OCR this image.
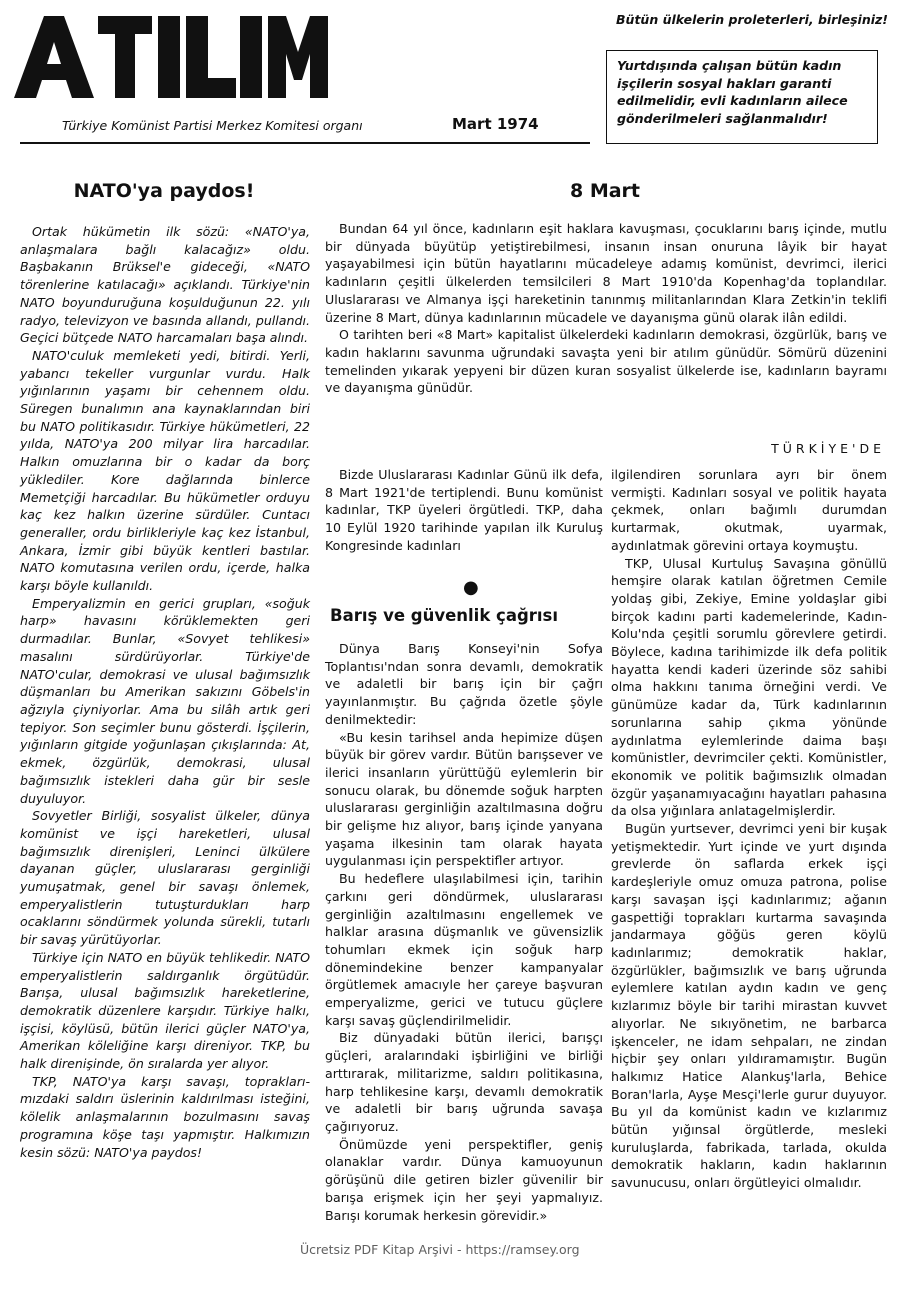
ATILIM	Bütün ülkelerin proleterleri, birleşiniz!
Yurtdışında çalışan bütün kadın işçilerin sosyal hakları garanti edilmelidir, evli kadınların ailece gönderilmeleri sağlanmalıdır!
Türkiye Komünist Partisi Merkez Komitesi organı	Mart 1974
NATO'ya paydos!

Ortak hükümetin ilk sözü: «NATO'ya, anlaşmalara bağlı kalacağız» oldu. Başbakanın Brüksel'e gideceği, «NATO törenlerine katılacağı» açıklandı. Türkiye'nin NATO boyunduruğuna koşulduğunun 22. yılı radyo, televizyon ve basında allandı, pullandı. Geçici bütçede NATO harcamaları başa alındı.

NATO'culuk memleketi yedi, bitirdi. Yerli, yabancı tekeller vurgunlar vurdu. Halk yığınlarının yaşamı bir cehennem oldu. Süregen bunalımın ana kaynaklarından biri bu NATO politikasıdır. Türkiye hükümetleri, 22 yılda, NATO'ya 200 milyar lira harcadılar. Halkın omuzlarına bir o kadar da borç yüklediler. Kore dağlarında binlerce Memetçiği harcadılar. Bu hükümetler orduyu kaç kez halkın üzerine sürdüler. Cuntacı generaller, ordu birlikleriyle kaç kez İstanbul, Ankara, İzmir gibi büyük kentleri bastılar. NATO komutasına verilen ordu, içerde, halka karşı böyle kullanıldı.

Emperyalizmin en gerici grupları, «soğuk harp» havasını körüklemekten geri durmadılar. Bunlar, «Sovyet tehlikesi» masalını sürdürüyorlar. Türkiye'de NATO'cular, demokrasi ve ulusal bağımsızlık düşmanları bu Amerikan sakızını Göbels'in ağzıyla çiyniyorlar. Ama bu silâh artık geri tepiyor. Son seçimler bunu gösterdi. İşçilerin, yığınların gitgide yoğunlaşan çıkışlarında: At, ekmek, özgürlük, demokrasi, ulusal bağımsızlık istekleri daha gür bir sesle duyuluyor.

Sovyetler Birliği, sosyalist ülkeler, dünya komünist ve işçi hareketleri, ulusal bağımsızlık direnişleri, Leninci ülkülere dayanan güçler, uluslararası gerginliği yumuşatmak, genel bir savaşı önlemek, emperyalistlerin tutuşturdukları harp ocaklarını söndürmek yolunda sürekli, tutarlı bir savaş yürütüyorlar.

Türkiye için NATO en büyük tehlikedir. NATO emperyalistlerin saldırganlık örgütüdür. Barışa, ulusal bağımsızlık hareketlerine, demokratik düzenlere karşıdır. Türkiye halkı, işçisi, köylüsü, bütün ilerici güçler NATO'ya, Amerikan köleliğine karşı direniyor. TKP, bu halk direnişinde, ön sıralarda yer alıyor.

TKP, NATO'ya karşı savaşı, toprakları-mızdaki saldırı üslerinin kaldırılması isteğini, kölelik anlaşmalarının bozulmasını savaş programına köşe taşı yapmıştır. Halkımızın kesin sözü: NATO'ya paydos!

8 Mart

Bundan 64 yıl önce, kadınların eşit haklara kavuşması, çocuklarını barış içinde, mutlu bir dünyada büyütüp yetiştirebilmesi, insanın insan onuruna lâyik bir hayat yaşayabilmesi için bütün hayatlarını mücadeleye adamış komünist, devrimci, ilerici kadınların çeşitli ülkelerden temsilcileri 8 Mart 1910'da Kopenhag'da toplandılar. Uluslararası ve Almanya işçi hareketinin tanınmış militanlarından Klara Zetkin'in teklifi üzerine 8 Mart, dünya kadınlarının mücadele ve dayanışma günü olarak ilân edildi.

O tarihten beri «8 Mart» kapitalist ülkelerdeki kadınların demokrasi, özgürlük, barış ve kadın haklarını savunma uğrundaki savaşta yeni bir atılım günüdür. Sömürü düzenini temelinden yıkarak yepyeni bir düzen kuran sosyalist ülkelerde ise, kadınların bayramı ve dayanışma günüdür.

TÜRKİYE'DE

Bizde Uluslararası Kadınlar Günü ilk defa, 8 Mart 1921'de tertiplendi. Bunu komünist kadınlar, TKP üyeleri örgütledi. TKP, daha 10 Eylül 1920 tarihinde yapılan ilk Kuruluş Kongresinde kadınları

●
Barış ve güvenlik çağrısı

Dünya Barış Konseyi'nin Sofya Toplantısı'ndan sonra devamlı, demokratik ve adaletli bir barış için bir çağrı yayınlanmıştır. Bu çağrıda özetle şöyle denilmektedir:

«Bu kesin tarihsel anda hepimize düşen büyük bir görev vardır. Bütün barışsever ve ilerici insanların yürüttüğü eylemlerin bir sonucu olarak, bu dönemde soğuk harpten uluslararası gerginliğin azaltılmasına doğru bir gelişme hız alıyor, barış içinde yanyana yaşama ilkesinin tam olarak hayata uygulanması için perspektifler artıyor.

Bu hedeflere ulaşılabilmesi için, tarihin çarkını geri döndürmek, uluslararası gerginliğin azaltılmasını engellemek ve halklar arasına düşmanlık ve güvensizlik tohumları ekmek için soğuk harp dönemindekine benzer kampanyalar örgütlemek amacıyle her çareye başvuran emperyalizme, gerici ve tutucu güçlere karşı savaş güçlendirilmelidir.

Biz dünyadaki bütün ilerici, barışçı güçleri, aralarındaki işbirliğini ve birliği arttırarak, militarizme, saldırı politikasına, harp tehlikesine karşı, devamlı demokratik ve adaletli bir barış uğrunda savaşa çağırıyoruz.

Önümüzde yeni perspektifler, geniş olanaklar vardır. Dünya kamuoyunun görüşünü dile getiren bizler güvenilir bir barışa erişmek için her şeyi yapmalıyız. Barışı korumak herkesin görevidir.»

ilgilendiren sorunlara ayrı bir önem vermişti. Kadınları sosyal ve politik hayata çekmek, onları bağımlı durumdan kurtarmak, okutmak, uyarmak, aydınlatmak görevini ortaya koymuştu.

TKP, Ulusal Kurtuluş Savaşına gönüllü hemşire olarak katılan öğretmen Cemile yoldaş gibi, Zekiye, Emine yoldaşlar gibi birçok kadını parti kademelerinde, Kadın-Kolu'nda çeşitli sorumlu görevlere getirdi. Böylece, kadına tarihimizde ilk defa politik hayatta kendi kaderi üzerinde söz sahibi olma hakkını tanıma örneğini verdi. Ve günümüze kadar da, Türk kadınlarının sorunlarına sahip çıkma yönünde aydınlatma eylemlerinde daima başı komünistler, devrimciler çekti. Komünistler, ekonomik ve politik bağımsızlık olmadan özgür yaşanamıyacağını hayatları pahasına da olsa yığınlara anlatagelmişlerdir.

Bugün yurtsever, devrimci yeni bir kuşak yetişmektedir. Yurt içinde ve yurt dışında grevlerde ön saflarda erkek işçi kardeşleriyle omuz omuza patrona, polise karşı savaşan işçi kadınlarımız; ağanın gaspettiği toprakları kurtarma savaşında jandarmaya göğüs geren köylü kadınlarımız; demokratik haklar, özgürlükler, bağımsızlık ve barış uğrunda eylemlere katılan aydın kadın ve genç kızlarımız böyle bir tarihi mirastan kuvvet alıyorlar. Ne sıkıyönetim, ne barbarca işkenceler, ne idam sehpaları, ne zindan hiçbir şey onları yıldıramamıştır. Bugün halkımız Hatice Alankuş'larla, Behice Boran'larla, Ayşe Mesçi'lerle gurur duyuyor. Bu yıl da komünist kadın ve kızlarımız bütün yığınsal örgütlerde, mesleki kuruluşlarda, fabrikada, tarlada, okulda demokratik hakların, kadın haklarının savunucusu, onları örgütleyici olmalıdır.

Ücretsiz PDF Kitap Arşivi - https://ramsey.org
